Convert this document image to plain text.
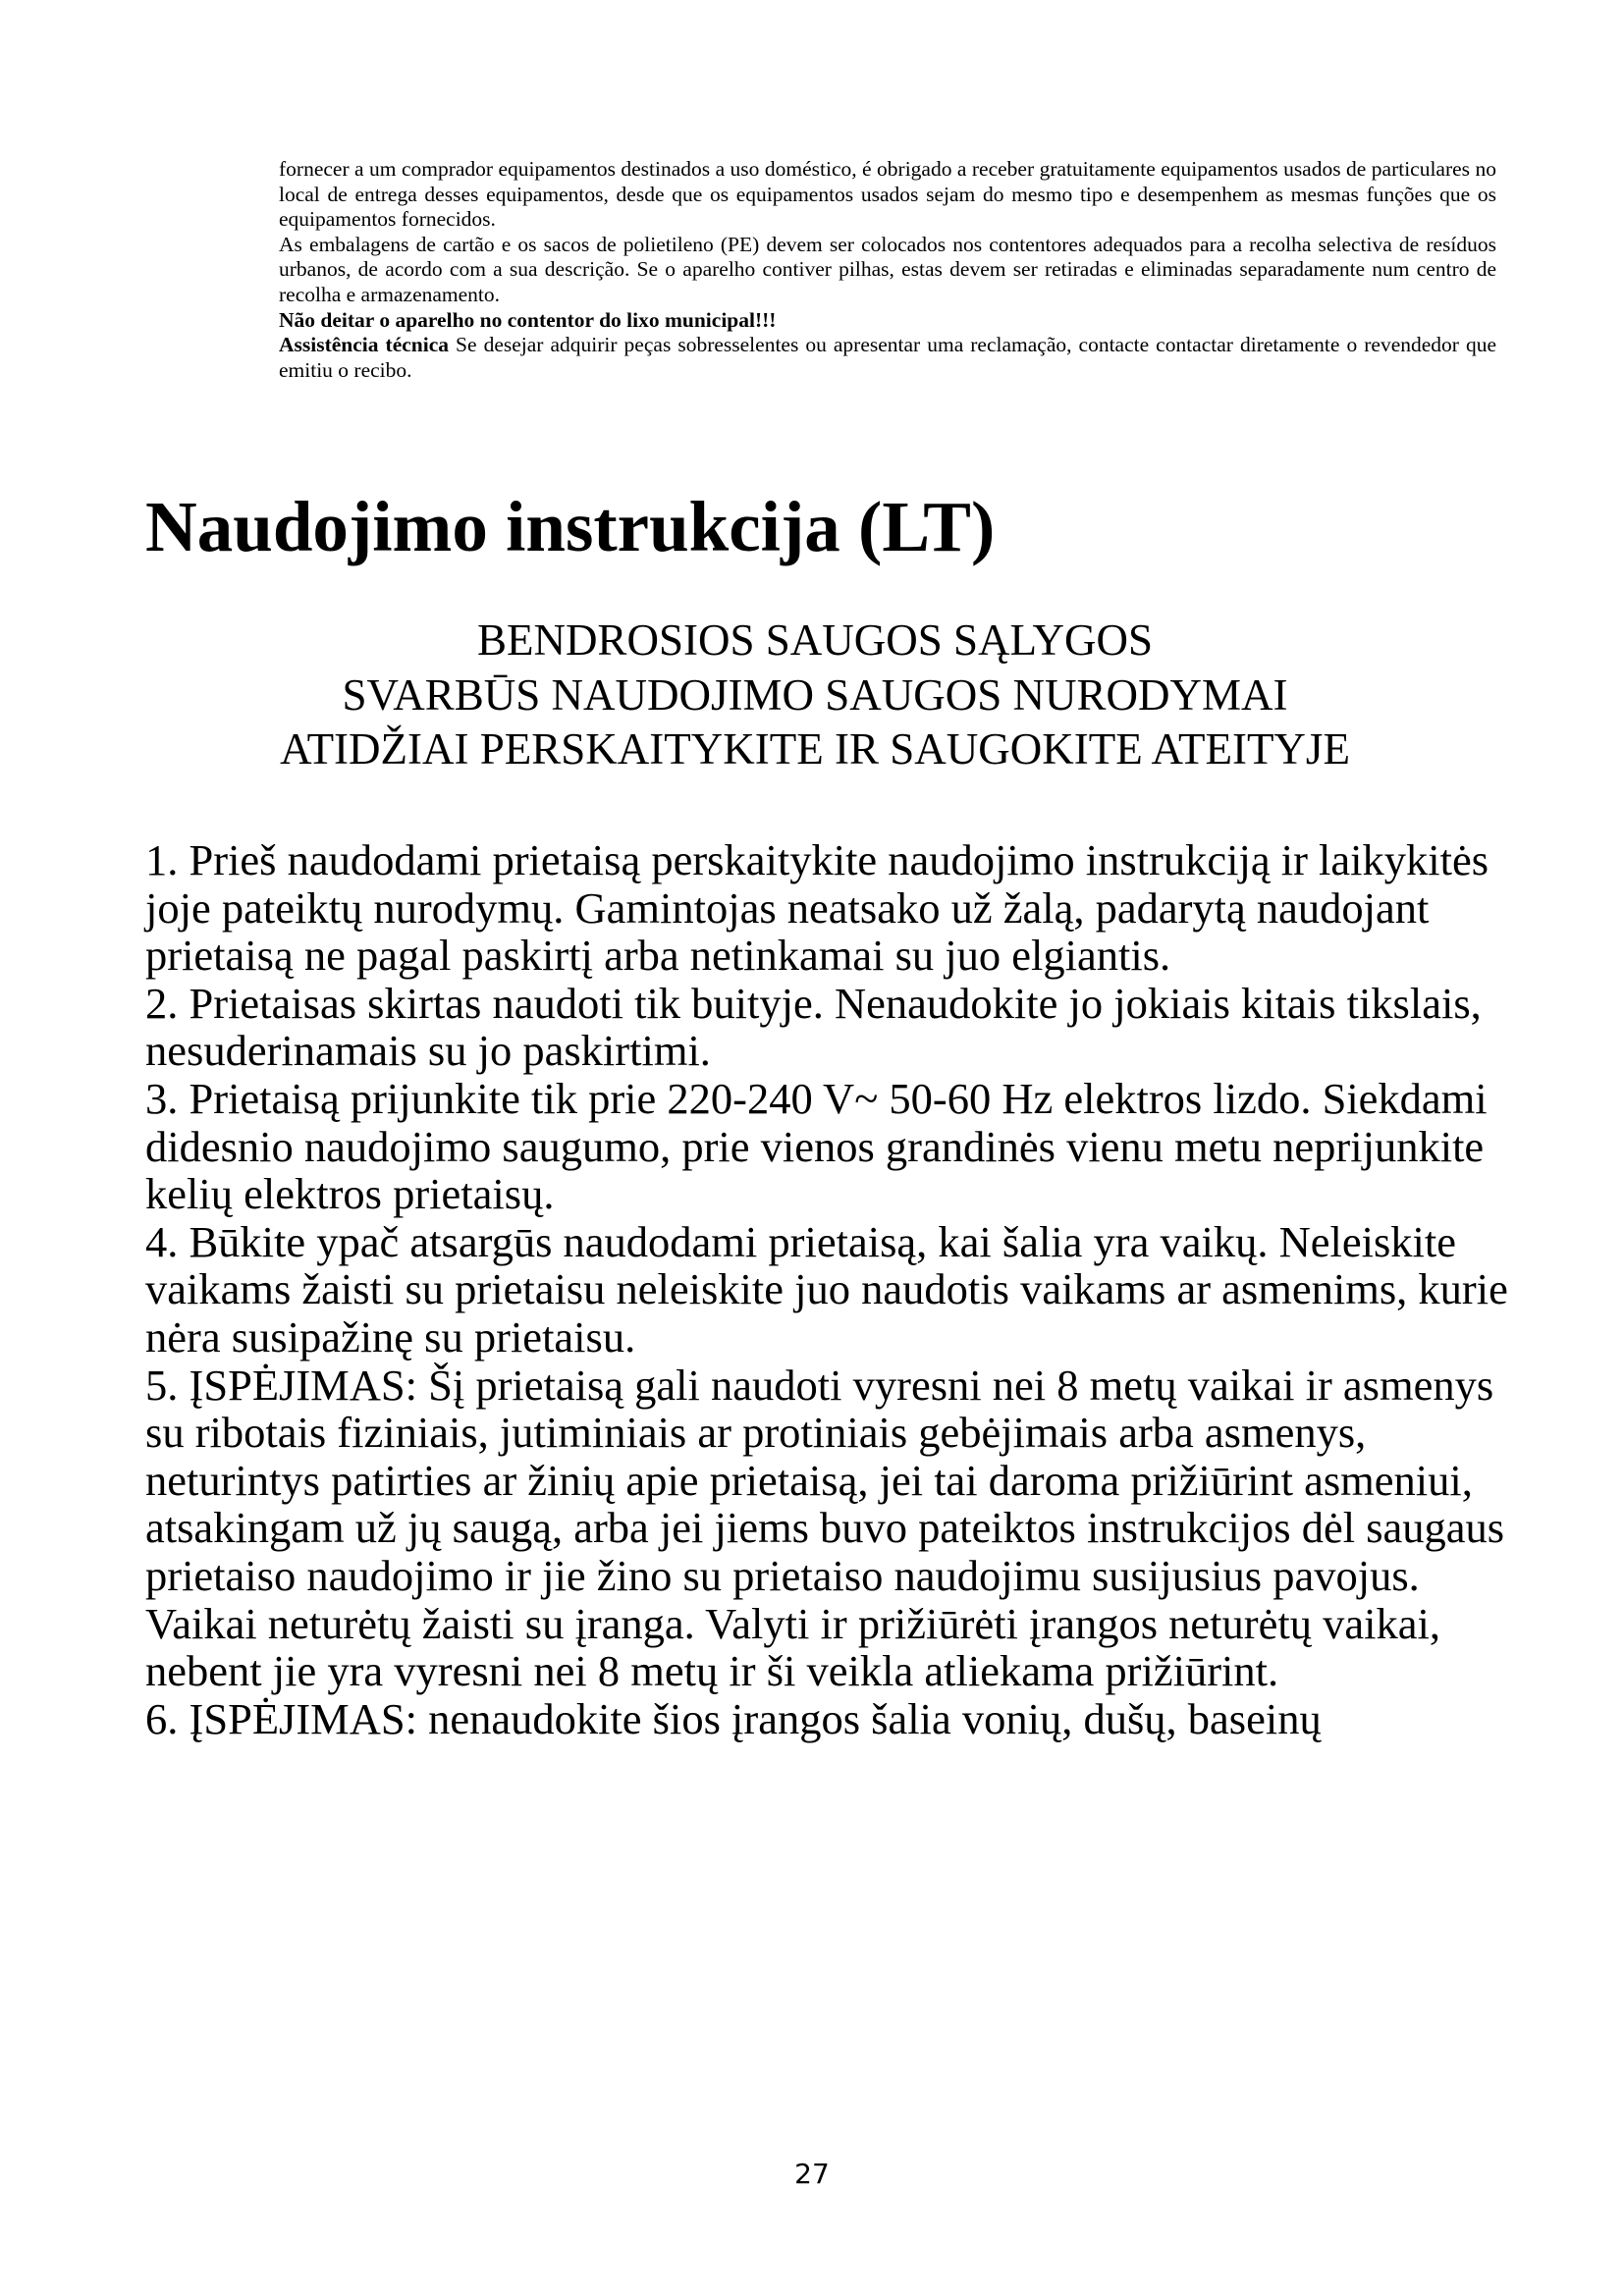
fornecer a um comprador equipamentos destinados a uso doméstico, é obrigado a receber gratuitamente equipamentos usados de particulares no local de entrega desses equipamentos, desde que os equipamentos usados sejam do mesmo tipo e desempenhem as mesmas funções que os equipamentos fornecidos.

As embalagens de cartão e os sacos de polietileno (PE) devem ser colocados nos contentores adequados para a recolha selectiva de resíduos urbanos, de acordo com a sua descrição. Se o aparelho contiver pilhas, estas devem ser retiradas e eliminadas separadamente num centro de recolha e armazenamento.

Não deitar o aparelho no contentor do lixo municipal!!!

Assistência técnica Se desejar adquirir peças sobresselentes ou apresentar uma reclamação, contacte contactar diretamente o revendedor que emitiu o recibo.

Naudojimo instrukcija (LT)
BENDROSIOS SAUGOS SĄLYGOS
SVARBŪS NAUDOJIMO SAUGOS NURODYMAI
ATIDŽIAI PERSKAITYKITE IR SAUGOKITE ATEITYJE

1. Prieš naudodami prietaisą perskaitykite naudojimo instrukciją ir laikykitės joje pateiktų nurodymų. Gamintojas neatsako už žalą, padarytą naudojant prietaisą ne pagal paskirtį arba netinkamai su juo elgiantis.

2. Prietaisas skirtas naudoti tik buityje. Nenaudokite jo jokiais kitais tikslais, nesuderinamais su jo paskirtimi.

3. Prietaisą prijunkite tik prie 220-240 V~ 50-60 Hz elektros lizdo. Siekdami didesnio naudojimo saugumo, prie vienos grandinės vienu metu neprijunkite kelių elektros prietaisų.

4. Būkite ypač atsargūs naudodami prietaisą, kai šalia yra vaikų. Neleiskite vaikams žaisti su prietaisu neleiskite juo naudotis vaikams ar asmenims, kurie nėra susipažinę su prietaisu.

5. ĮSPĖJIMAS: Šį prietaisą gali naudoti vyresni nei 8 metų vaikai ir asmenys su ribotais fiziniais, jutiminiais ar protiniais gebėjimais arba asmenys, neturintys patirties ar žinių apie prietaisą, jei tai daroma prižiūrint asmeniui, atsakingam už jų saugą, arba jei jiems buvo pateiktos instrukcijos dėl saugaus prietaiso naudojimo ir jie žino su prietaiso naudojimu susijusius pavojus. Vaikai neturėtų žaisti su įranga. Valyti ir prižiūrėti įrangos neturėtų vaikai, nebent jie yra vyresni nei 8 metų ir ši veikla atliekama prižiūrint.

6. ĮSPĖJIMAS: nenaudokite šios įrangos šalia vonių, dušų, baseinų

27
